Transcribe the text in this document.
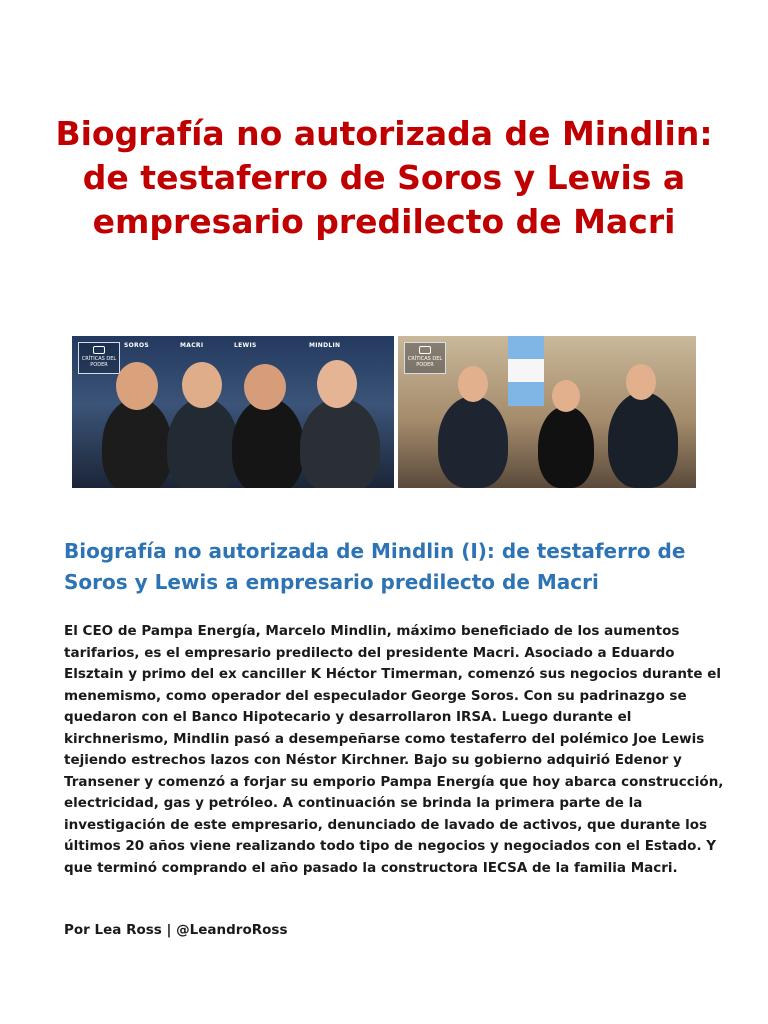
Biografía no autorizada de Mindlin: de testaferro de Soros y Lewis a empresario predilecto de Macri
CRÍTICAS DEL PODER
SOROS	MACRI	LEWIS	MINDLIN
CRÍTICAS DEL PODER
Biografía no autorizada de Mindlin (I): de testaferro de Soros y Lewis a empresario predilecto de Macri

El CEO de Pampa Energía, Marcelo Mindlin, máximo beneficiado de los aumentos tarifarios, es el empresario predilecto del presidente Macri. Asociado a Eduardo Elsztain y primo del ex canciller K Héctor Timerman, comenzó sus negocios durante el menemismo, como operador del especulador George Soros. Con su padrinazgo se quedaron con el Banco Hipotecario y desarrollaron IRSA. Luego durante el kirchnerismo, Mindlin pasó a desempeñarse como testaferro del polémico Joe Lewis tejiendo estrechos lazos con Néstor Kirchner. Bajo su gobierno adquirió Edenor y Transener y comenzó a forjar su emporio Pampa Energía que hoy abarca construcción, electricidad, gas y petróleo. A continuación se brinda la primera parte de la investigación de este empresario, denunciado de lavado de activos, que durante los últimos 20 años viene realizando todo tipo de negocios y negociados con el Estado. Y que terminó comprando el año pasado la constructora IECSA de la familia Macri.

Por Lea Ross | @LeandroRoss
